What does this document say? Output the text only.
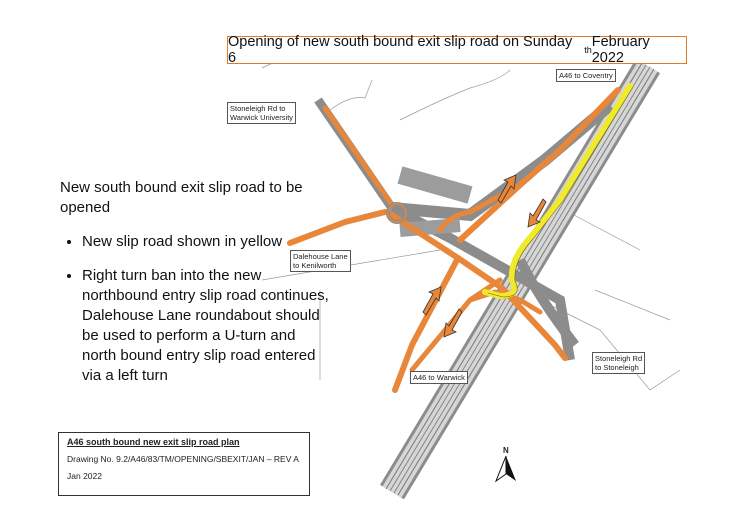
Opening of new south bound exit slip road on Sunday 6	th February 2022
A46 to Coventry
Stoneleigh Rd to
Warwick University
Dalehouse Lane
to Kenilworth
Stoneleigh Rd
to Stoneleigh
A46 to Warwick
New south bound exit slip road to be opened
• New slip road shown in yellow
• Right turn ban into the new northbound entry slip road continues, Dalehouse Lane roundabout should be used to perform a U-turn and north bound entry slip road entered via a left turn
A46 south bound new exit slip road plan
Drawing No. 9.2/A46/83/TM/OPENING/SBEXIT/JAN – REV A
Jan 2022
N
